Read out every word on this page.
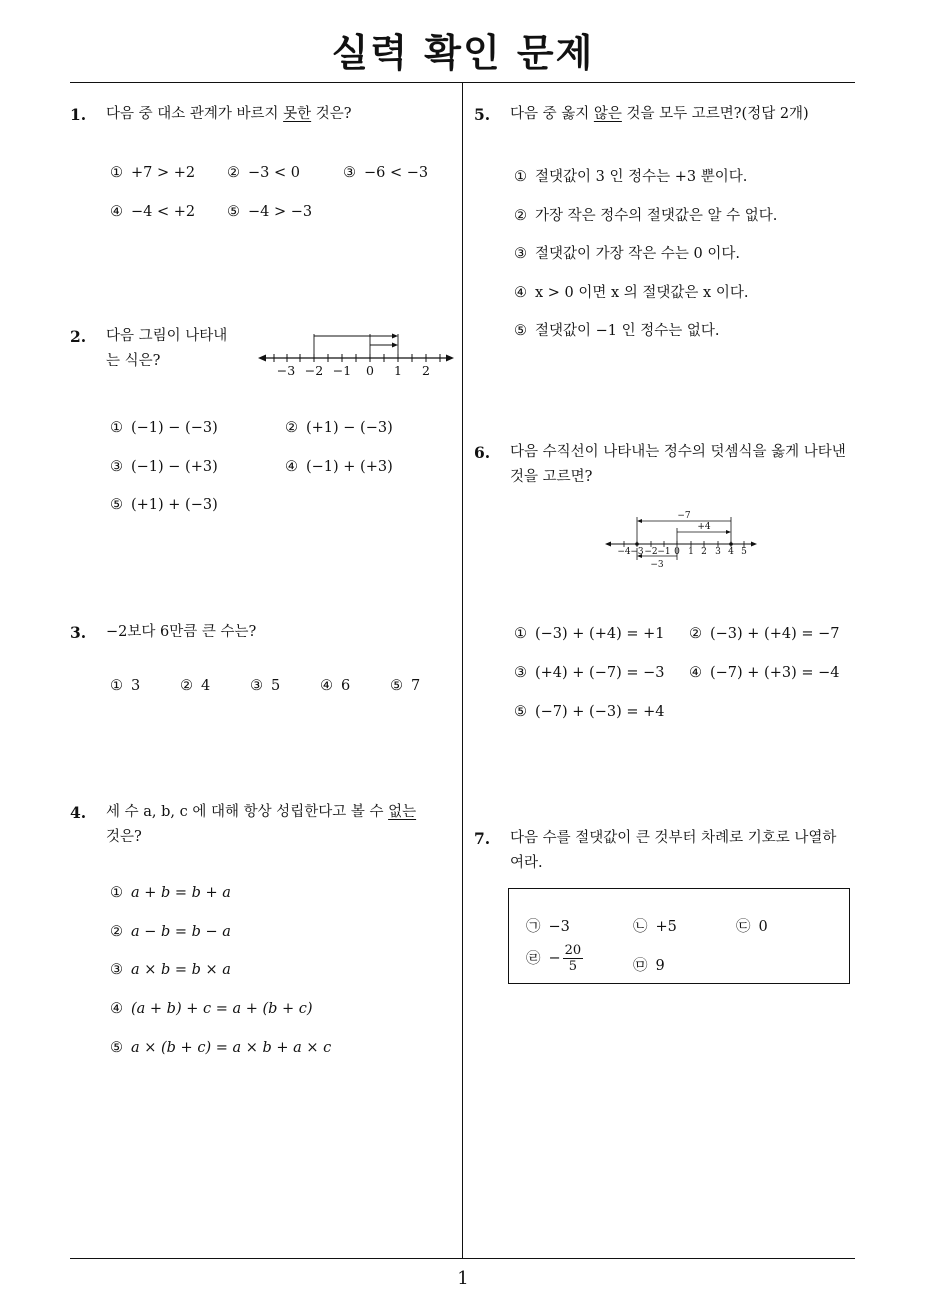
실력 확인 문제
1
1. 다음 중 대소 관계가 바르지 못한 것은?
① +7 > +2 ② −3 < 0	③ −6 < −3
④ −4 < +2 ⑤ −4 > −3
2. 다음 그림이 나타내
는 식은?
−3 −2 −1 0 1 2
① (−1) − (−3)	② (+1) − (−3)
③ (−1) − (+3)	④ (−1) + (+3)
⑤ (+1) + (−3)
3. −2보다 6만큼 큰 수는?
① 3	② 4	③ 5	④ 6	⑤ 7
4. 세 수 a, b, c 에 대해 항상 성립한다고 볼 수 없는
것은?
① a + b = b + a
② a − b = b − a
③ a × b = b × a
④ (a + b) + c = a + (b + c)
⑤ a × (b + c) = a × b + a × c
5. 다음 중 옳지 않은 것을 모두 고르면?(정답 2개)
① 절댓값이 3 인 정수는 +3 뿐이다.
② 가장 작은 정수의 절댓값은 알 수 없다.
③ 절댓값이 가장 작은 수는 0 이다.
④ x > 0 이면 x 의 절댓값은 x 이다.
⑤ 절댓값이 −1 인 정수는 없다.
6. 다음 수직선이 나타내는 정수의 덧셈식을 옳게 나타낸
것을 고르면?
−7
+4
−3
−4 −3 −2 −1 0 1 2 3 4 5
① (−3) + (+4) = +1 ② (−3) + (+4) = −7
③ (+4) + (−7) = −3 ④ (−7) + (+3) = −4
⑤ (−7) + (−3) = +4
7. 다음 수를 절댓값이 큰 것부터 차례로 기호로 나열하
여라.
㉠ −3	㉡ +5	㉢ 0
㉣ − $\frac{20}{5}$	㉤ 9
